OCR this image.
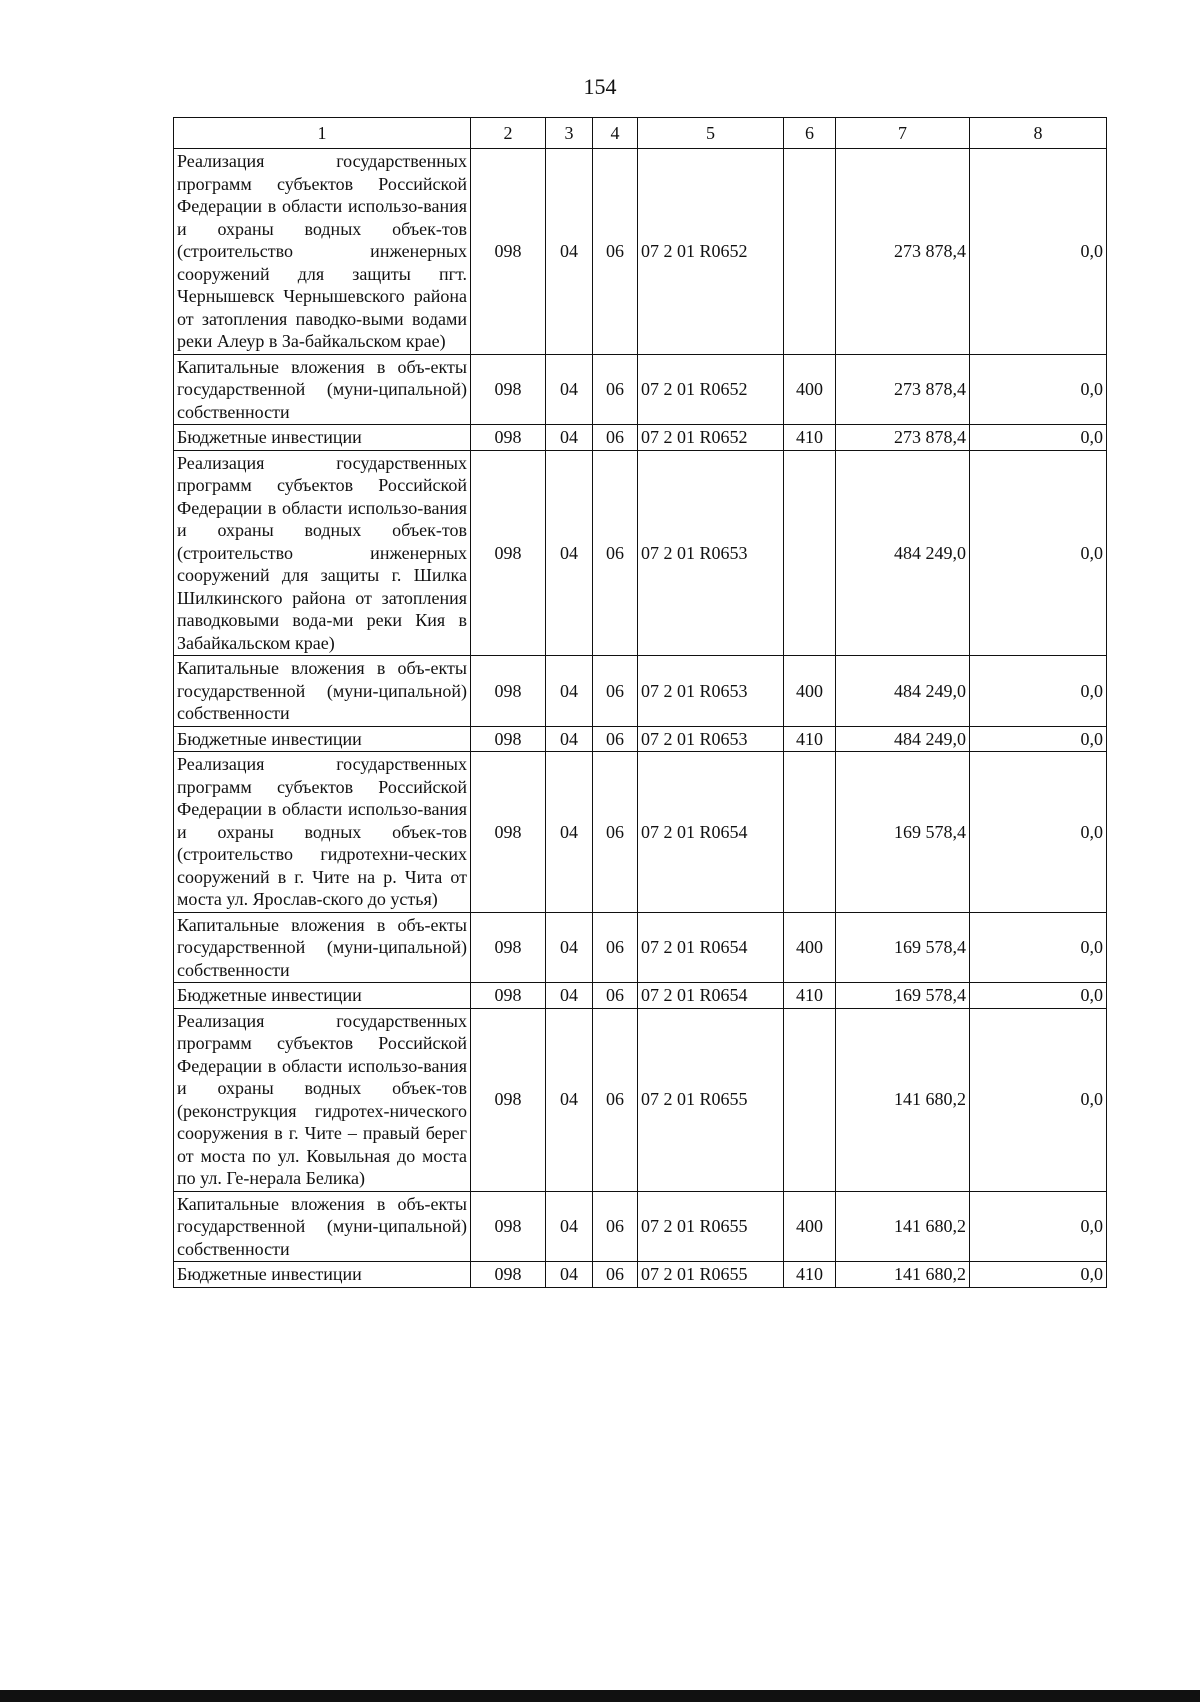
154
1	2	3	4	5	6	7	8
Реализация государственных программ субъектов Российской Федерации в области использо-вания и охраны водных объек-тов (строительство инженерных сооружений для защиты пгт. Чернышевск Чернышевского района от затопления паводко-выми водами реки Алеур в За-байкальском крае)	098	04	06	07 2 01 R0652		273 878,4	0,0
Капитальные вложения в объ-екты государственной (муни-ципальной) собственности	098	04	06	07 2 01 R0652	400	273 878,4	0,0
Бюджетные инвестиции	098	04	06	07 2 01 R0652	410	273 878,4	0,0
Реализация государственных программ субъектов Российской Федерации в области использо-вания и охраны водных объек-тов (строительство инженерных сооружений для защиты г. Шилка Шилкинского района от затопления паводковыми вода-ми реки Кия в Забайкальском крае)	098	04	06	07 2 01 R0653		484 249,0	0,0
Капитальные вложения в объ-екты государственной (муни-ципальной) собственности	098	04	06	07 2 01 R0653	400	484 249,0	0,0
Бюджетные инвестиции	098	04	06	07 2 01 R0653	410	484 249,0	0,0
Реализация государственных программ субъектов Российской Федерации в области использо-вания и охраны водных объек-тов (строительство гидротехни-ческих сооружений в г. Чите на р. Чита от моста ул. Ярослав-ского до устья)	098	04	06	07 2 01 R0654		169 578,4	0,0
Капитальные вложения в объ-екты государственной (муни-ципальной) собственности	098	04	06	07 2 01 R0654	400	169 578,4	0,0
Бюджетные инвестиции	098	04	06	07 2 01 R0654	410	169 578,4	0,0
Реализация государственных программ субъектов Российской Федерации в области использо-вания и охраны водных объек-тов (реконструкция гидротех-нического сооружения в г. Чите – правый берег от моста по ул. Ковыльная до моста по ул. Ге-нерала Белика)	098	04	06	07 2 01 R0655		141 680,2	0,0
Капитальные вложения в объ-екты государственной (муни-ципальной) собственности	098	04	06	07 2 01 R0655	400	141 680,2	0,0
Бюджетные инвестиции	098	04	06	07 2 01 R0655	410	141 680,2	0,0
